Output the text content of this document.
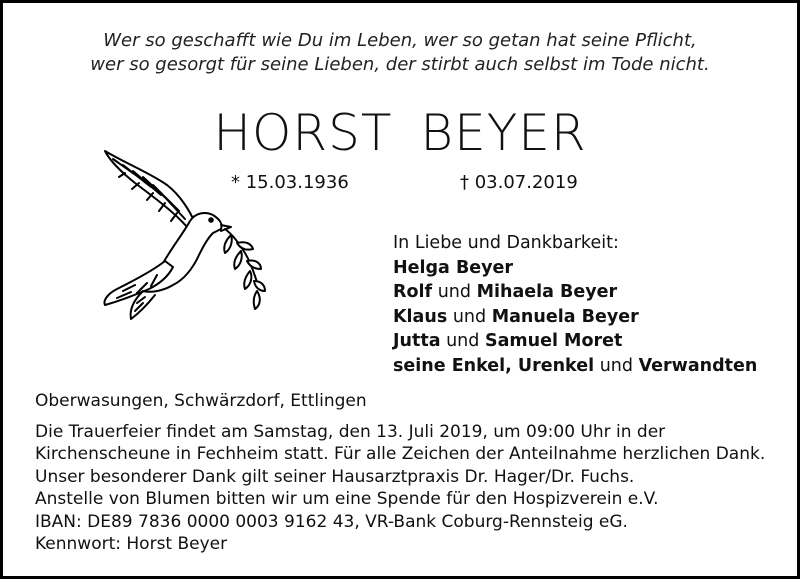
Wer so geschafft wie Du im Leben, wer so getan hat seine Pflicht,
wer so gesorgt für seine Lieben, der stirbt auch selbst im Tode nicht.
HORST BEYER
* 15.03.1936	† 03.07.2019
In Liebe und Dankbarkeit:
Helga Beyer
Rolf und Mihaela Beyer
Klaus und Manuela Beyer
Jutta und Samuel Moret
seine Enkel, Urenkel und Verwandten
Oberwasungen, Schwärzdorf, Ettlingen
Die Trauerfeier findet am Samstag, den 13. Juli 2019, um 09:00 Uhr in der
Kirchenscheune in Fechheim statt. Für alle Zeichen der Anteilnahme herzlichen Dank.
Unser besonderer Dank gilt seiner Hausarztpraxis Dr. Hager/Dr. Fuchs.
Anstelle von Blumen bitten wir um eine Spende für den Hospizverein e.V.
IBAN: DE89 7836 0000 0003 9162 43, VR-Bank Coburg-Rennsteig eG.
Kennwort: Horst Beyer
